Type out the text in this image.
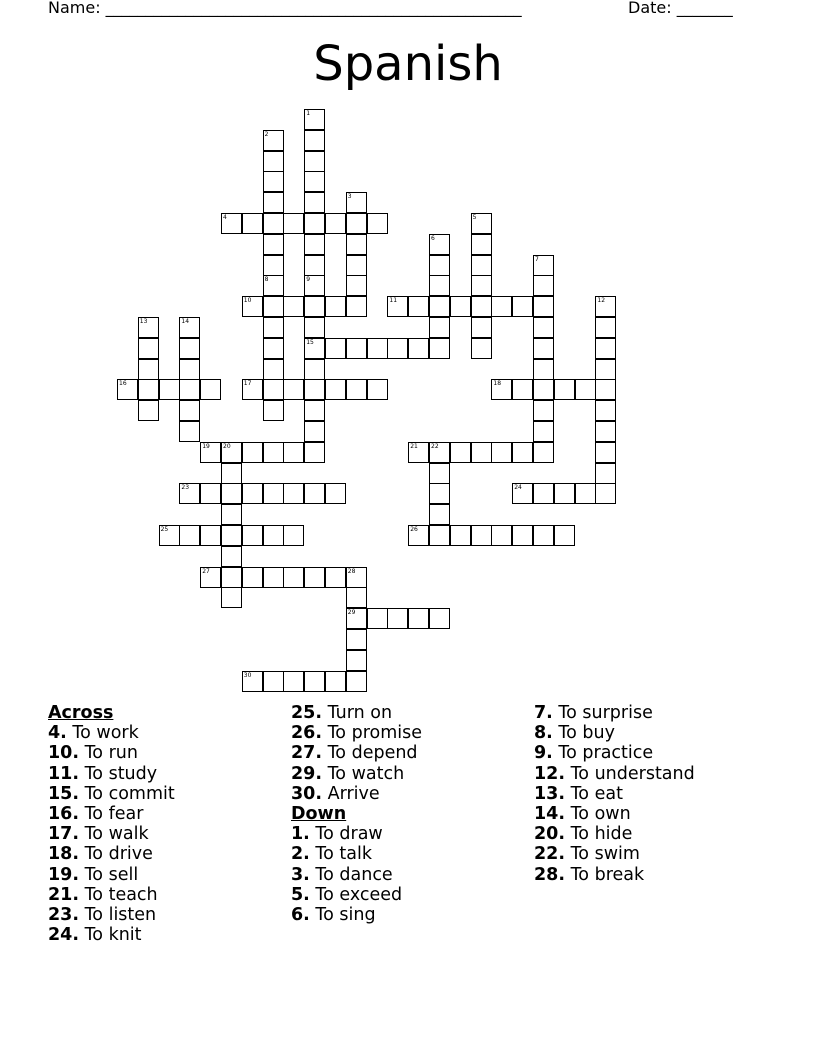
Name: ____________________________________________________	Date: _______
Spanish
1
9
15
2
3
4	5
6
7
8
10	11	12
13	14
16	17	18
19 20	21 22
23	24
25	26
27	28
29
30
Across
4. To work
10. To run
11. To study
15. To commit
16. To fear
17. To walk
18. To drive
19. To sell
21. To teach
23. To listen
24. To knit
25. Turn on
26. To promise
27. To depend
29. To watch
30. Arrive
Down
1. To draw
2. To talk
3. To dance
5. To exceed
6. To sing
7. To surprise
8. To buy
9. To practice
12. To understand
13. To eat
14. To own
20. To hide
22. To swim
28. To break
